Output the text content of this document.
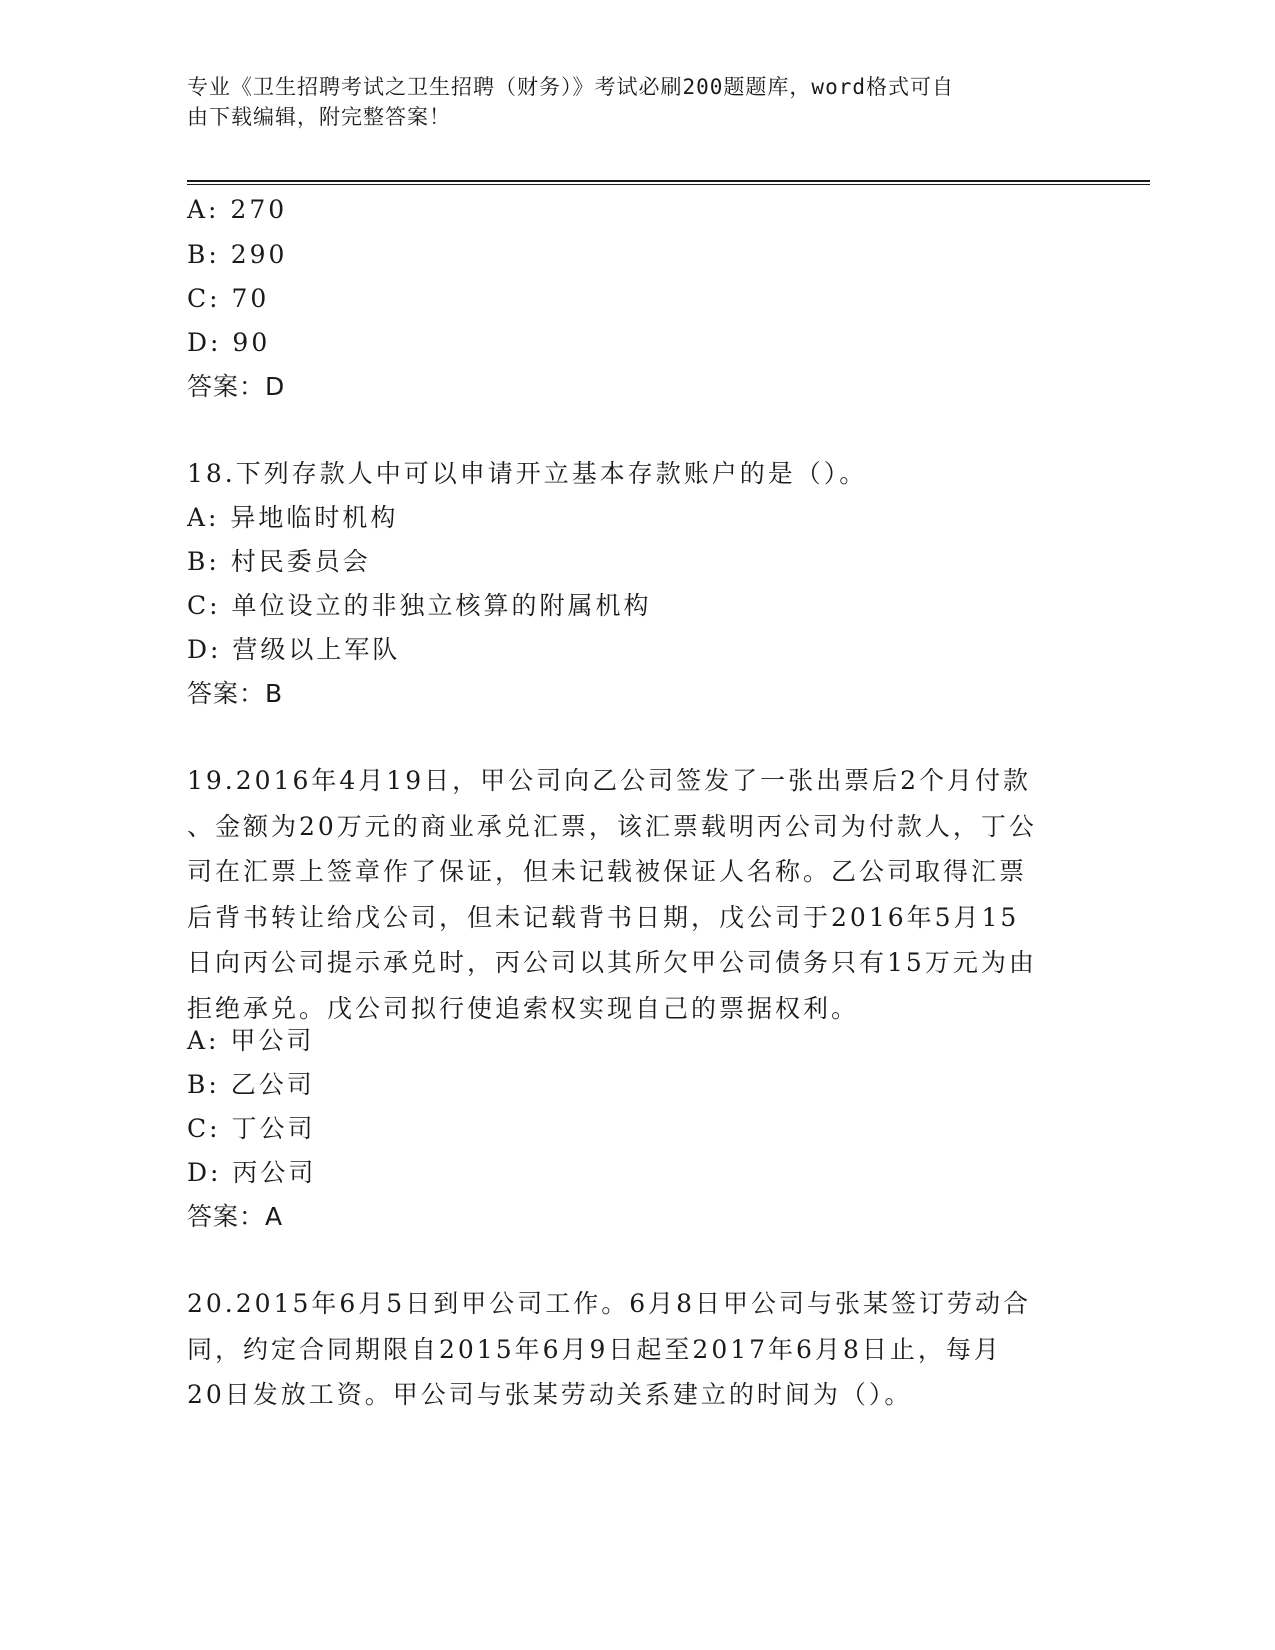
专业《卫生招聘考试之卫生招聘（财务）》考试必刷200题题库，word格式可自
由下载编辑，附完整答案！
A: 270
B: 290
C: 70
D: 90
答案：D
18.下列存款人中可以申请开立基本存款账户的是（）。
A: 异地临时机构
B: 村民委员会
C: 单位设立的非独立核算的附属机构
D: 营级以上军队
答案：B
19.2016年4月19日，甲公司向乙公司签发了一张出票后2个月付款
、金额为20万元的商业承兑汇票，该汇票载明丙公司为付款人，丁公
司在汇票上签章作了保证，但未记载被保证人名称。乙公司取得汇票
后背书转让给戊公司，但未记载背书日期，戊公司于2016年5月15
日向丙公司提示承兑时，丙公司以其所欠甲公司债务只有15万元为由
拒绝承兑。戊公司拟行使追索权实现自己的票据权利。
A: 甲公司
B: 乙公司
C: 丁公司
D: 丙公司
答案：A
20.2015年6月5日到甲公司工作。6月8日甲公司与张某签订劳动合
同，约定合同期限自2015年6月9日起至2017年6月8日止，每月
20日发放工资。甲公司与张某劳动关系建立的时间为（）。
